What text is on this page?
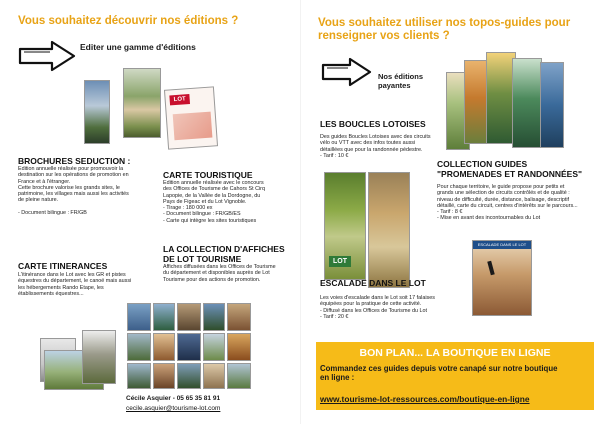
Vous souhaitez découvrir nos éditions ?
Editer une gamme d'éditions
LOT
BROCHURES SEDUCTION :
Edition annuelle réalisée pour promouvoir la
destination sur les opérations de promotion en
France et à l'étranger.
Cette brochure valorise les grands sites, le
patrimoine, les villages mais aussi les activités
de pleine nature.
- Document bilingue : FR/GB
CARTE TOURISTIQUE
Edition annuelle réalisée avec le concours
des Offices de Tourisme de Cahors St Cirq
Lapopie, de la Vallée de la Dordogne, du
Pays de Figeac et du Lot Vignoble.
- Tirage : 180 000 ex
- Document bilingue : FR/GB/ES
- Carte qui intègre les sites touristiques
LA COLLECTION D'AFFICHES
DE LOT TOURISME
Affiches diffusées dans les Offices de Tourisme
du département et disponibles auprès de Lot
Tourisme pour des actions de promotion.
CARTE ITINERANCES
L'itinérance dans le Lot avec les GR et pistes
équestres du département, le canoë mais aussi
les hébergements Rando Etape, les
établissements équestres...
Cécile Asquier - 05 65 35 81 91
cecile.asquier@tourisme-lot.com
Vous souhaitez utiliser nos topos-guides pour
renseigner vos clients ?
Nos éditions
payantes
LES BOUCLES LOTOISES
Des guides Boucles Lotoises avec des circuits
vélo ou VTT avec des infos toutes aussi
détaillées que pour la randonnée pédestre.
- Tarif : 10 €
COLLECTION GUIDES
"PROMENADES ET RANDONNÉES"
Pour chaque territoire, le guide propose pour petits et
grands une sélection de circuits contrôlés et de qualité :
niveau de difficulté, durée, distance, balisage, descriptif
détaillé, carte du circuit, centres d'intérêts sur le parcours...
- Tarif : 8 €
- Mise en avant des incontournables du Lot
LOT
ESCALADE DANS LE LOT
Les voies d'escalade dans le Lot soit 17 falaises
équipées pour la pratique de cette activité.
- Diffusé dans les Offices de Tourisme du Lot
- Tarif : 20 €
ESCALADE DANS LE LOT
BON PLAN... LA BOUTIQUE EN LIGNE
Commandez ces guides depuis votre canapé sur notre boutique
en ligne :
www.tourisme-lot-ressources.com/boutique-en-ligne
